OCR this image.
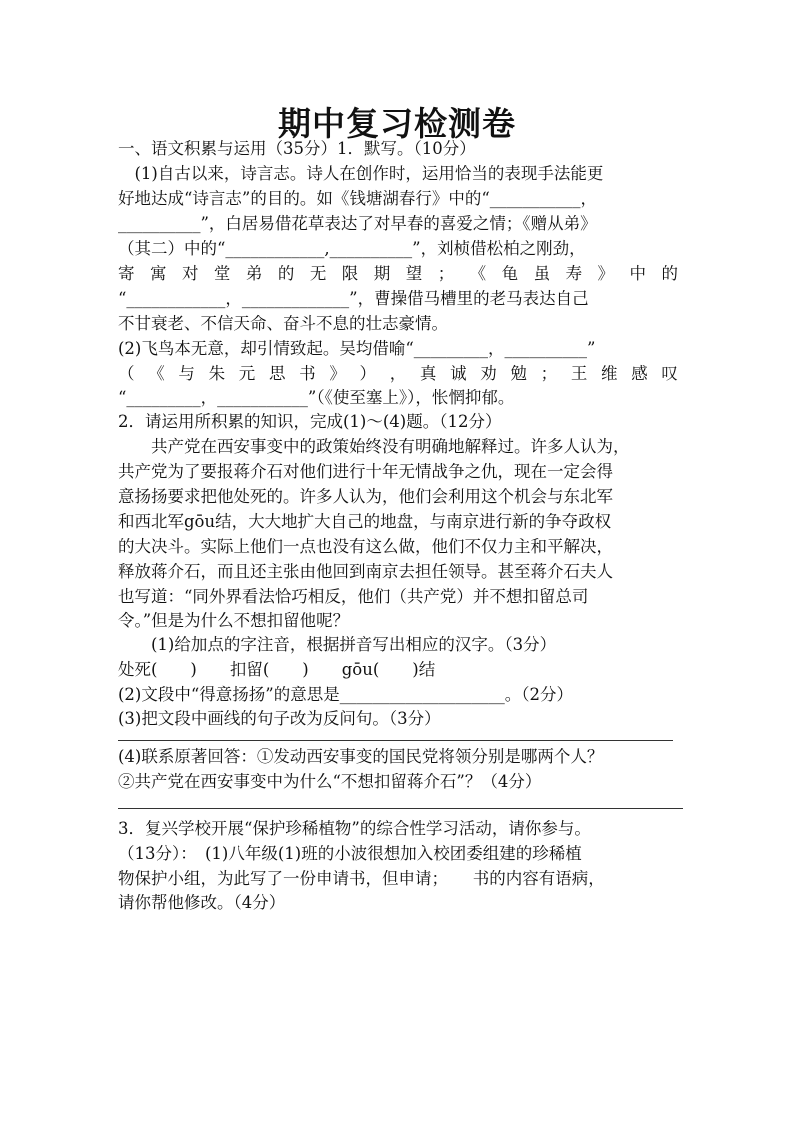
期中复习检测卷
一、语文积累与运用（35分）1．默写。（10分）
　(1)自古以来，诗言志。诗人在创作时，运用恰当的表现手法能更
好地达成“诗言志”的目的。如《钱塘湖春行》中的“___________，
__________”，白居易借花草表达了对早春的喜爱之情；《赠从弟》
（其二）中的“____________,__________”，刘桢借松柏之刚劲，
寄 寓 对 堂 弟 的 无 限 期 望 ； 《 龟 虽 寿 》 中 的
“____________，_____________”，曹操借马槽里的老马表达自己
不甘衰老、不信天命、奋斗不息的壮志豪情。
(2)飞鸟本无意，却引情致起。吴均借喻“_________，__________”
（ 《 与 朱 元 思 书 》 ） ， 真 诚 劝 勉 ； 王 维 感 叹
“_________，___________”（《使至塞上》），怅惘抑郁。
2．请运用所积累的知识，完成(1)～(4)题。（12分）
　　共产党在西安事变中的政策始终没有明确地解释过。许多人认为，
共产党为了要报蒋介石对他们进行十年无情战争之仇，现在一定会得
意扬扬要求把他处死的。许多人认为，他们会利用这个机会与东北军
和西北军gōu结，大大地扩大自己的地盘，与南京进行新的争夺政权
的大决斗。实际上他们一点也没有这么做，他们不仅力主和平解决，
释放蒋介石，而且还主张由他回到南京去担任领导。甚至蒋介石夫人
也写道：“同外界看法恰巧相反，他们（共产党）并不想扣留总司
令。”但是为什么不想扣留他呢？
　　(1)给加点的字注音，根据拼音写出相应的汉字。（3分）
处死(　　)　　扣留(　　)　　gōu(　　)结
(2)文段中“得意扬扬”的意思是____________________。（2分）
(3)把文段中画线的句子改为反问句。（3分）
(4)联系原著回答：①发动西安事变的国民党将领分别是哪两个人？
②共产党在西安事变中为什么“不想扣留蒋介石”？（4分）
3．复兴学校开展“保护珍稀植物”的综合性学习活动，请你参与。
（13分）：　(1)八年级(1)班的小波很想加入校团委组建的珍稀植
物保护小组，为此写了一份申请书，但申请；　　书的内容有语病，
请你帮他修改。（4分）
